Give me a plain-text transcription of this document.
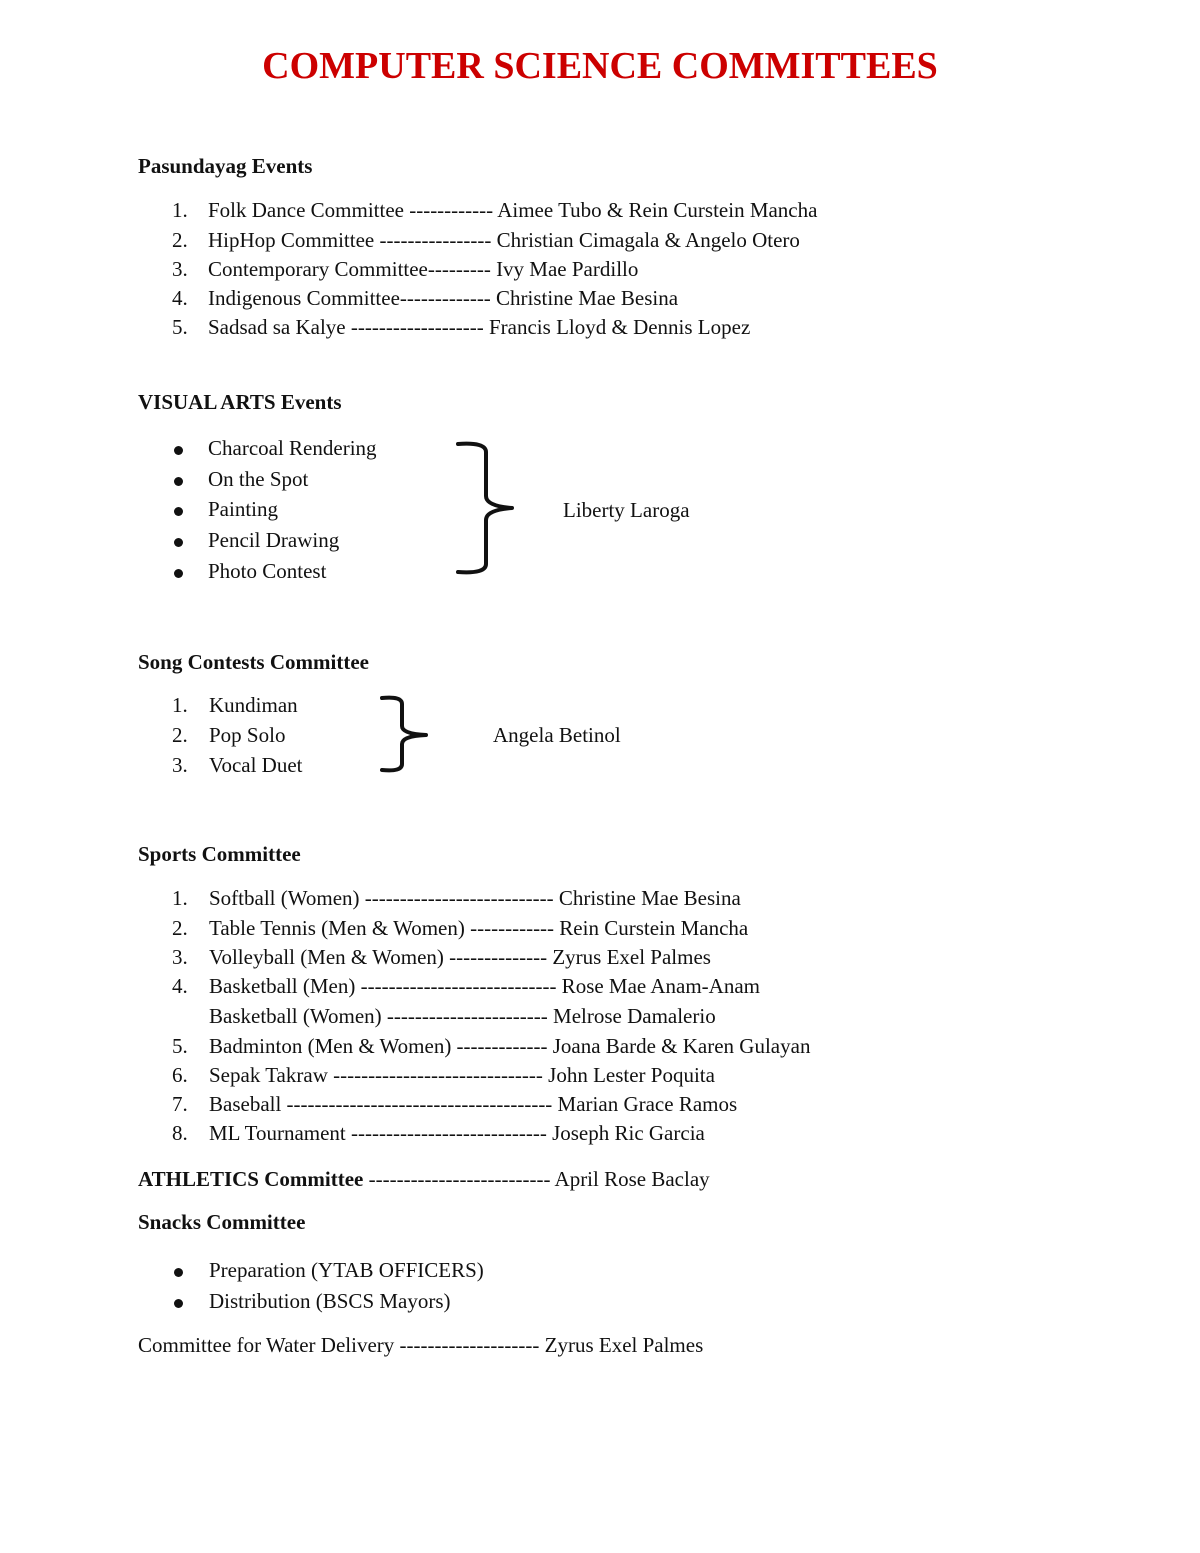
COMPUTER SCIENCE COMMITTEES
Pasundayag Events
1. Folk Dance Committee ------------ Aimee Tubo & Rein Curstein Mancha
2. HipHop Committee ---------------- Christian Cimagala & Angelo Otero
3. Contemporary Committee--------- Ivy Mae Pardillo
4. Indigenous Committee------------- Christine Mae Besina
5. Sadsad sa Kalye ------------------- Francis Lloyd & Dennis Lopez
VISUAL ARTS Events
Charcoal Rendering
On the Spot
Painting
Pencil Drawing
Photo Contest
Liberty Laroga
Song Contests Committee
1. Kundiman
2. Pop Solo
3. Vocal Duet
Angela Betinol
Sports Committee
1. Softball (Women) --------------------------- Christine Mae Besina
2. Table Tennis (Men & Women) ------------ Rein Curstein Mancha
3. Volleyball (Men & Women) -------------- Zyrus Exel Palmes
4. Basketball (Men) ---------------------------- Rose Mae Anam-Anam
Basketball (Women) ----------------------- Melrose Damalerio
5. Badminton (Men & Women) ------------- Joana Barde & Karen Gulayan
6. Sepak Takraw ------------------------------ John Lester Poquita
7. Baseball -------------------------------------- Marian Grace Ramos
8. ML Tournament ---------------------------- Joseph Ric Garcia
ATHLETICS Committee -------------------------- April Rose Baclay
Snacks Committee
Preparation (YTAB OFFICERS)
Distribution (BSCS Mayors)
Committee for Water Delivery -------------------- Zyrus Exel Palmes
